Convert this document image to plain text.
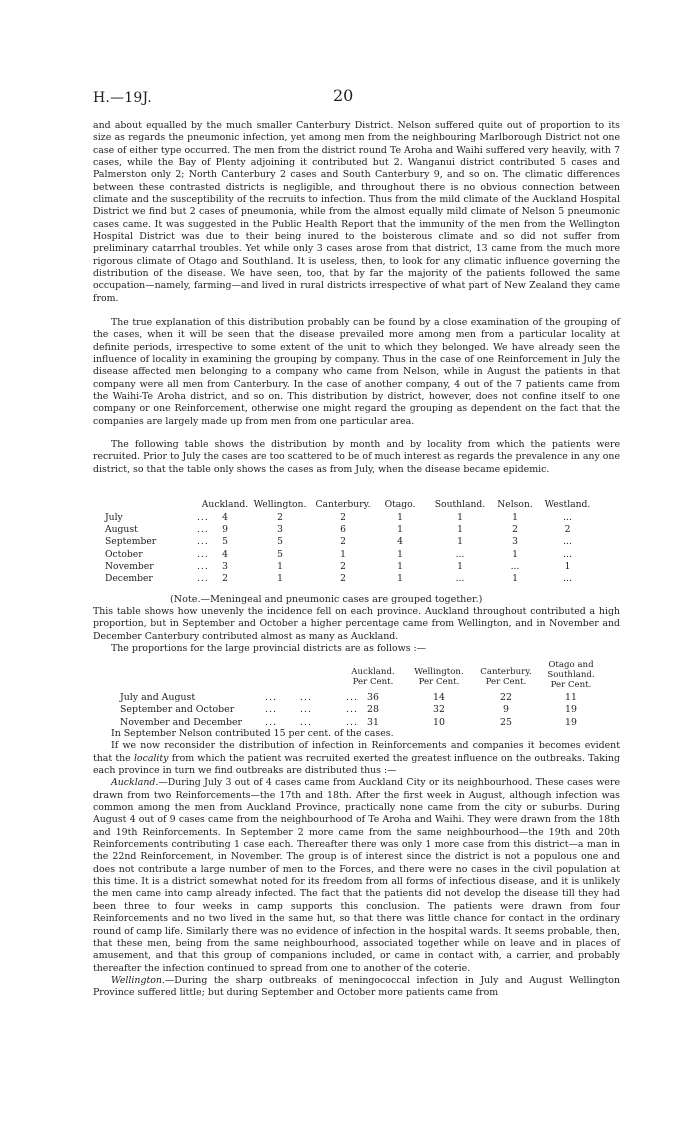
H.—19J.	20

and about equalled by the much smaller Canterbury District. Nelson suffered quite out of proportion to its size as regards the pneumonic infection, yet among men from the neighbouring Marlborough District not one case of either type occurred. The men from the district round Te Aroha and Waihi suffered very heavily, with 7 cases, while the Bay of Plenty adjoining it contributed but 2. Wanganui district contributed 5 cases and Palmerston only 2; North Canterbury 2 cases and South Canterbury 9, and so on. The climatic differences between these contrasted districts is negligible, and throughout there is no obvious connection between climate and the susceptibility of the recruits to infection. Thus from the mild climate of the Auckland Hospital District we find but 2 cases of pneumonia, while from the almost equally mild climate of Nelson 5 pneumonic cases came. It was suggested in the Public Health Report that the immunity of the men from the Wellington Hospital District was due to their being inured to the boisterous climate and so did not suffer from preliminary catarrhal troubles. Yet while only 3 cases arose from that district, 13 came from the much more rigorous climate of Otago and Southland. It is useless, then, to look for any climatic influence governing the distribution of the disease. We have seen, too, that by far the majority of the patients followed the same occupation—namely, farming—and lived in rural districts irrespective of what part of New Zealand they came from.

The true explanation of this distribution probably can be found by a close examination of the grouping of the cases, when it will be seen that the disease prevailed more among men from a particular locality at definite periods, irrespective to some extent of the unit to which they belonged. We have already seen the influence of locality in examining the grouping by company. Thus in the case of one Reinforcement in July the disease affected men belonging to a company who came from Nelson, while in August the patients in that company were all men from Canterbury. In the case of another company, 4 out of the 7 patients came from the Waihi-Te Aroha district, and so on. This distribution by district, however, does not confine itself to one company or one Reinforcement, otherwise one might regard the grouping as dependent on the fact that the companies are largely made up from men from one particular area.

The following table shows the distribution by month and by locality from which the patients were recruited. Prior to July the cases are too scattered to be of much interest as regards the prevalence in any one district, so that the table only shows the cases as from July, when the disease became epidemic.

Auckland. Wellington. Canterbury.	Otago.	Southland.	Nelson.	Westland.
July	...	4	2	2	1	1	1	...
August	...	9	3	6	1	1	2	2
September	...	5	5	2	4	1	3	...
October	...	4	5	1	1	...	1	...
November	...	3	1	2	1	1	...	1
December	...	2	1	2	1	...	1	...
(Note.—Meningeal and pneumonic cases are grouped together.)

This table shows how unevenly the incidence fell on each province. Auckland throughout contributed a high proportion, but in September and October a higher percentage came from Wellington, and in November and December Canterbury contributed almost as many as Auckland.

The proportions for the large provincial districts are as follows :—

Auckland.
Per Cent.
Wellington.
Per Cent.
Canterbury.
Per Cent.
Otago and Southland.
Per Cent.
July and August	... ...	... 36	14	22	11
September and October	... ...	... 28	32	9	19
November and December ... ...	... 31	10	25	19

In September Nelson contributed 15 per cent. of the cases.

If we now reconsider the distribution of infection in Reinforcements and companies it becomes evident that the locality from which the patient was recruited exerted the greatest influence on the outbreaks. Taking each province in turn we find outbreaks are distributed thus :—

Auckland.—During July 3 out of 4 cases came from Auckland City or its neighbourhood. These cases were drawn from two Reinforcements—the 17th and 18th. After the first week in August, although infection was common among the men from Auckland Province, practically none came from the city or suburbs. During August 4 out of 9 cases came from the neighbourhood of Te Aroha and Waihi. They were drawn from the 18th and 19th Reinforcements. In September 2 more came from the same neighbourhood—the 19th and 20th Reinforcements contributing 1 case each. Thereafter there was only 1 more case from this district—a man in the 22nd Reinforcement, in November. The group is of interest since the district is not a populous one and does not contribute a large number of men to the Forces, and there were no cases in the civil population at this time. It is a district somewhat noted for its freedom from all forms of infectious disease, and it is unlikely the men came into camp already infected. The fact that the patients did not develop the disease till they had been three to four weeks in camp supports this conclusion. The patients were drawn from four Reinforcements and no two lived in the same hut, so that there was little chance for contact in the ordinary round of camp life. Similarly there was no evidence of infection in the hospital wards. It seems probable, then, that these men, being from the same neighbourhood, associated together while on leave and in places of amusement, and that this group of companions included, or came in contact with, a carrier, and probably thereafter the infection continued to spread from one to another of the coterie.

Wellington.—During the sharp outbreaks of meningococcal infection in July and August Wellington Province suffered little; but during September and October more patients came from
